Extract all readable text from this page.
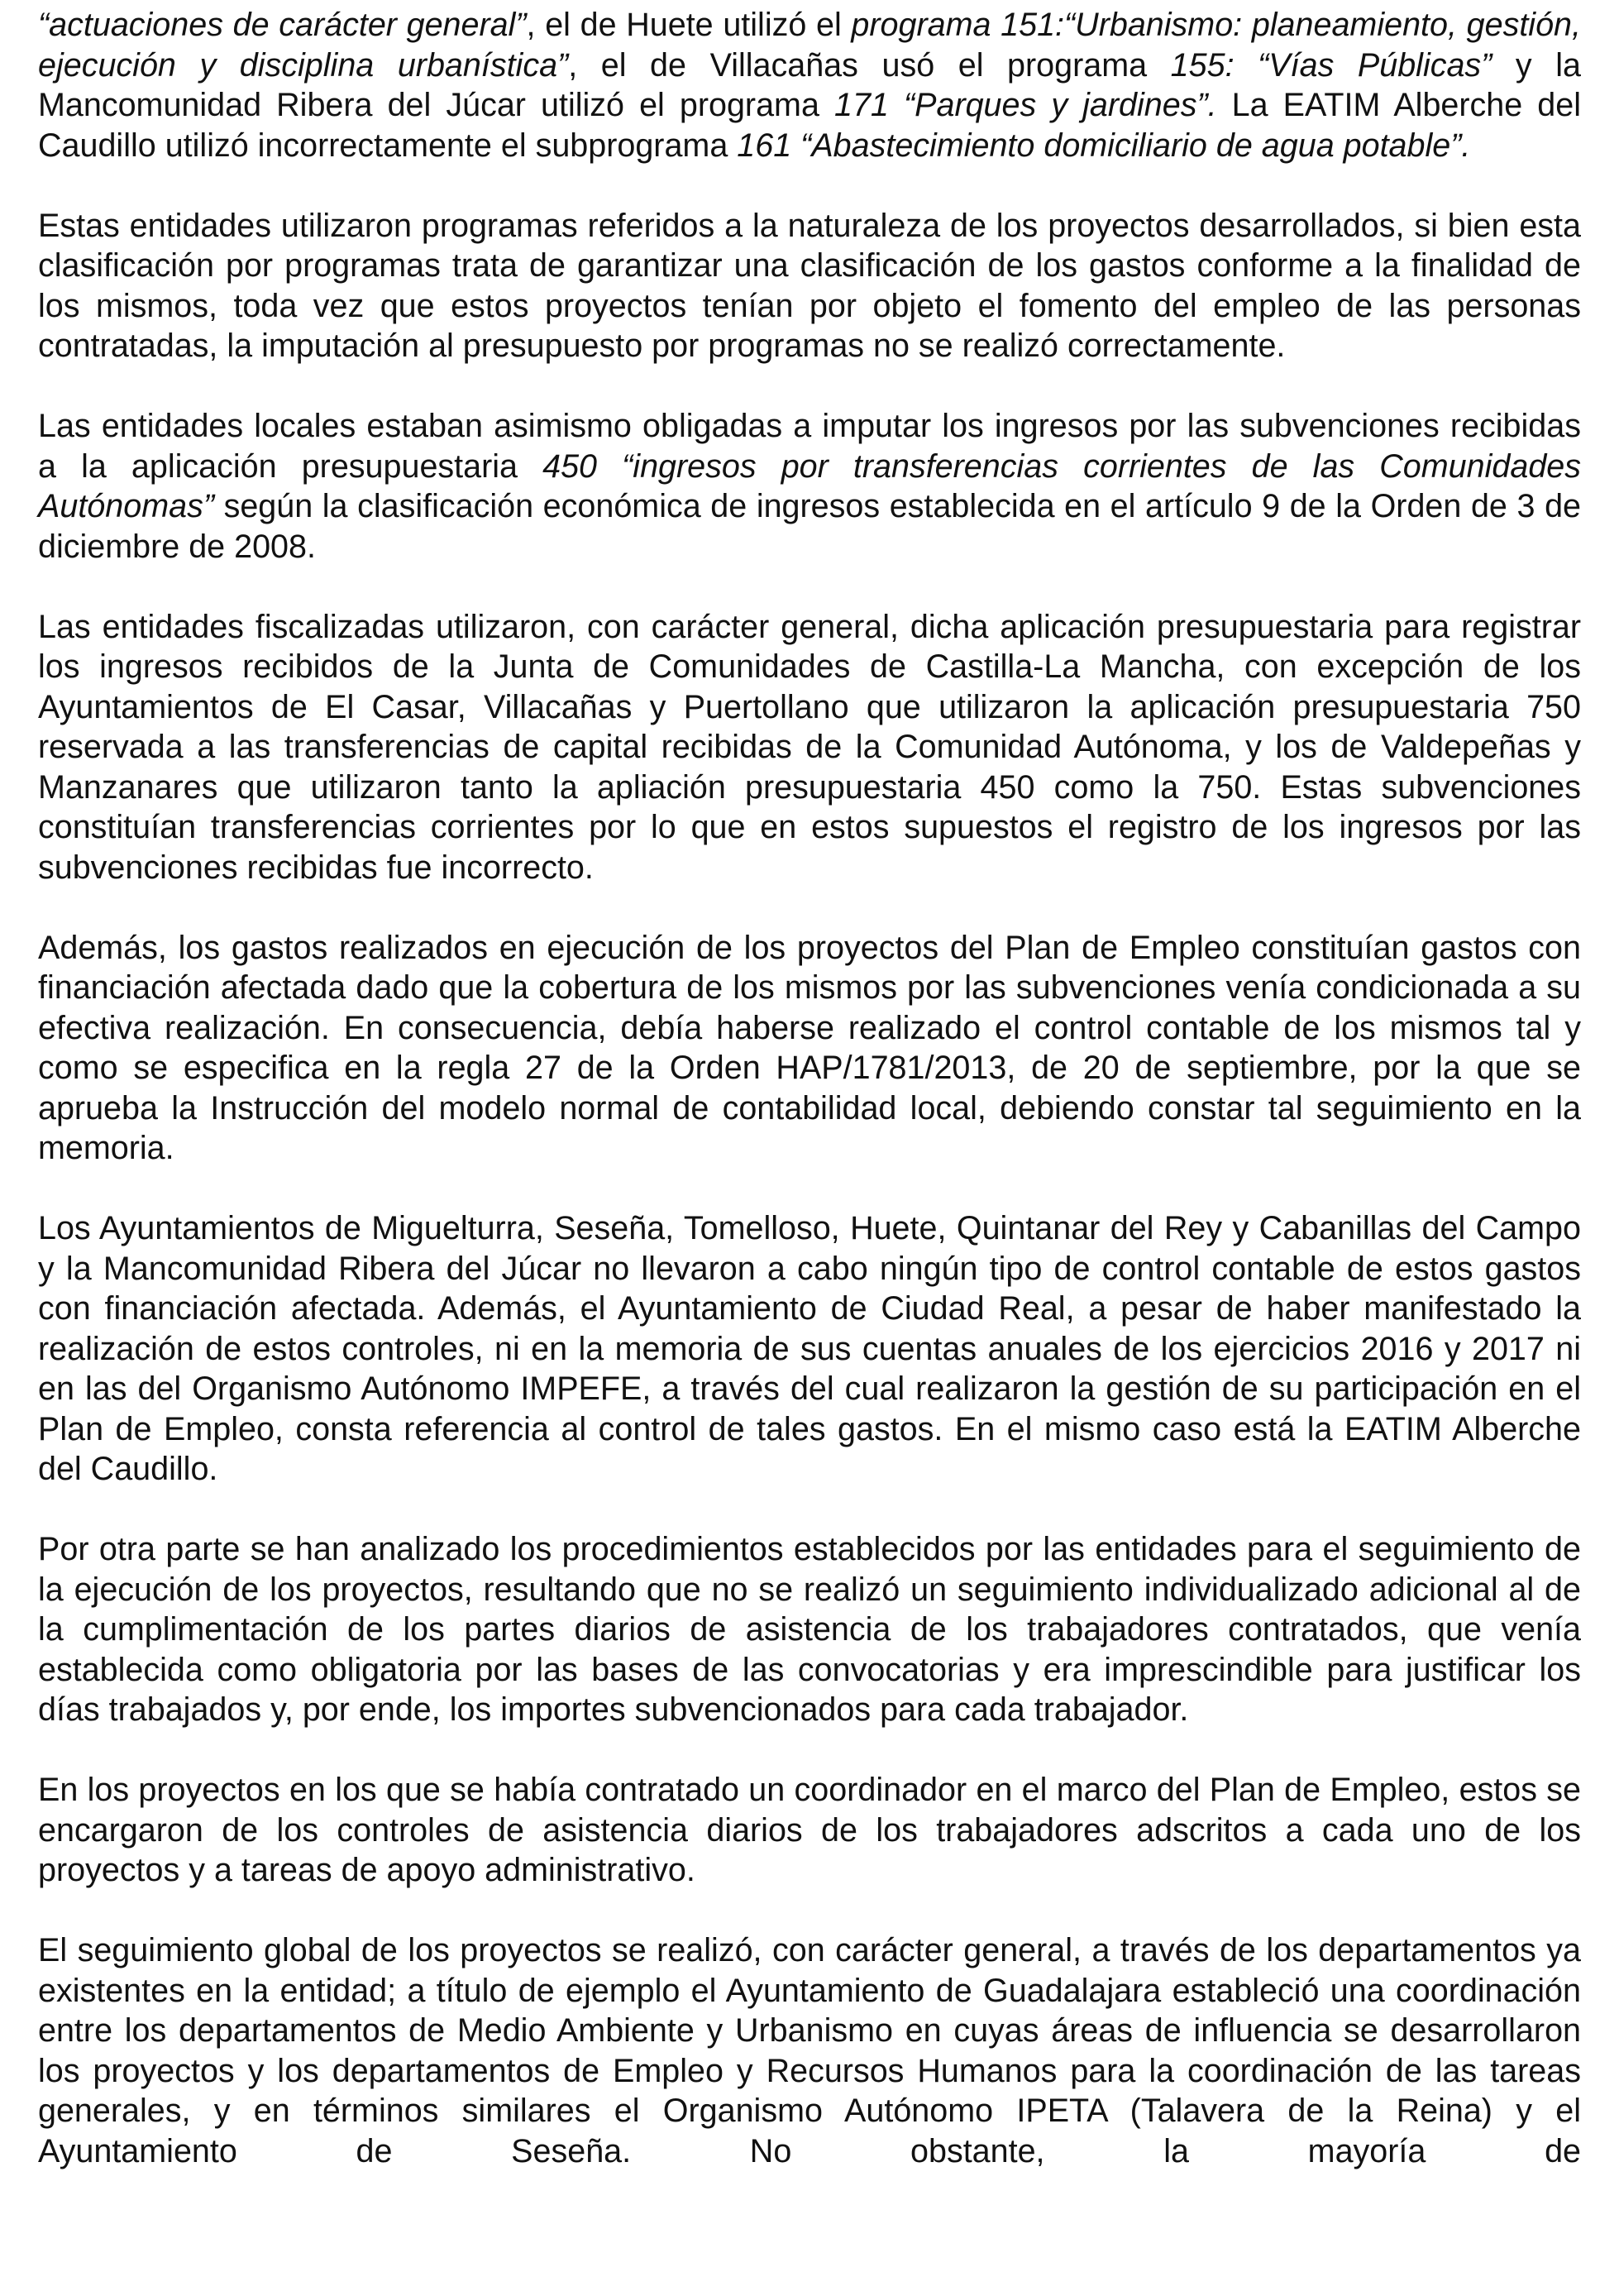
“actuaciones de carácter general”, el de Huete utilizó el programa 151:“Urbanismo: planeamiento, gestión, ejecución y disciplina urbanística”, el de Villacañas usó el programa 155: “Vías Públicas” y la Mancomunidad Ribera del Júcar utilizó el programa 171 “Parques y jardines”. La EATIM Alberche del Caudillo utilizó incorrectamente el subprograma 161 “Abastecimiento domiciliario de agua potable”.

Estas entidades utilizaron programas referidos a la naturaleza de los proyectos desarrollados, si bien esta clasificación por programas trata de garantizar una clasificación de los gastos conforme a la finalidad de los mismos, toda vez que estos proyectos tenían por objeto el fomento del empleo de las personas contratadas, la imputación al presupuesto por programas no se realizó correctamente.

Las entidades locales estaban asimismo obligadas a imputar los ingresos por las subvenciones recibidas a la aplicación presupuestaria 450 “ingresos por transferencias corrientes de las Comunidades Autónomas” según la clasificación económica de ingresos establecida en el artículo 9 de la Orden de 3 de diciembre de 2008.

Las entidades fiscalizadas utilizaron, con carácter general, dicha aplicación presupuestaria para registrar los ingresos recibidos de la Junta de Comunidades de Castilla-La Mancha, con excepción de los Ayuntamientos de El Casar, Villacañas y Puertollano que utilizaron la aplicación presupuestaria 750 reservada a las transferencias de capital recibidas de la Comunidad Autónoma, y los de Valdepeñas y Manzanares que utilizaron tanto la apliación presupuestaria 450 como la 750. Estas subvenciones constituían transferencias corrientes por lo que en estos supuestos el registro de los ingresos por las subvenciones recibidas fue incorrecto.

Además, los gastos realizados en ejecución de los proyectos del Plan de Empleo constituían gastos con financiación afectada dado que la cobertura de los mismos por las subvenciones venía condicionada a su efectiva realización. En consecuencia, debía haberse realizado el control contable de los mismos tal y como se especifica en la regla 27 de la Orden HAP/1781/2013, de 20 de septiembre, por la que se aprueba la Instrucción del modelo normal de contabilidad local, debiendo constar tal seguimiento en la memoria.

Los Ayuntamientos de Miguelturra, Seseña, Tomelloso, Huete, Quintanar del Rey y Cabanillas del Campo y la Mancomunidad Ribera del Júcar no llevaron a cabo ningún tipo de control contable de estos gastos con financiación afectada. Además, el Ayuntamiento de Ciudad Real, a pesar de haber manifestado la realización de estos controles, ni en la memoria de sus cuentas anuales de los ejercicios 2016 y 2017 ni en las del Organismo Autónomo IMPEFE, a través del cual realizaron la gestión de su participación en el Plan de Empleo, consta referencia al control de tales gastos. En el mismo caso está la EATIM Alberche del Caudillo.

Por otra parte se han analizado los procedimientos establecidos por las entidades para el seguimiento de la ejecución de los proyectos, resultando que no se realizó un seguimiento individualizado adicional al de la cumplimentación de los partes diarios de asistencia de los trabajadores contratados, que venía establecida como obligatoria por las bases de las convocatorias y era imprescindible para justificar los días trabajados y, por ende, los importes subvencionados para cada trabajador.

En los proyectos en los que se había contratado un coordinador en el marco del Plan de Empleo, estos se encargaron de los controles de asistencia diarios de los trabajadores adscritos a cada uno de los proyectos y a tareas de apoyo administrativo.

El seguimiento global de los proyectos se realizó, con carácter general, a través de los departamentos ya existentes en la entidad; a título de ejemplo el Ayuntamiento de Guadalajara estableció una coordinación entre los departamentos de Medio Ambiente y Urbanismo en cuyas áreas de influencia se desarrollaron los proyectos y los departamentos de Empleo y Recursos Humanos para la coordinación de las tareas generales, y en términos similares el Organismo Autónomo IPETA (Talavera de la Reina) y el Ayuntamiento de Seseña. No obstante, la mayoría de
